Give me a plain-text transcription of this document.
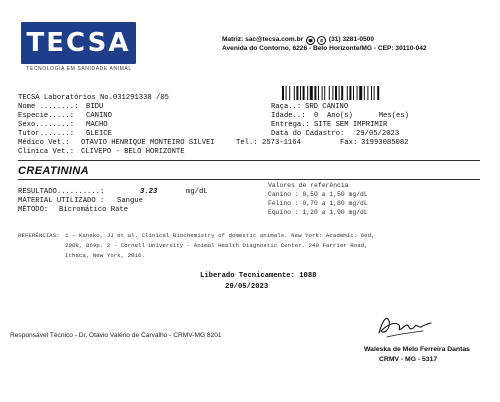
TECSA
TECNOLOGIA EM SANIDADE ANIMAL
Matriz: sac@tecsa.com.br ☎ ✆ (31) 3281-0500
Avenida do Contorno, 6226 - Belo Horizonte/MG - CEP: 30110-042
TECSA Laboratórios No.031291338 /05
Nome ........: BIDU
Especie.....: CANINO
Sexo........: MACHO
Tutor.......: GLEICE
Médico Vet.: OTAVIO HENRIQUE MONTEIRO SILVEI
Clínica Vet.: CLIVEPO - BELO HORIZONTE
Raça..: SRD CANINO
Idade..: 0  Ano(s)      Mes(es)
Entrega.: SITE SEM IMPRIMIR
Data do Cadastro: 29/05/2023
Tel.: 2573-1164	Fax: 31993085082
CREATININA
RESULTADO..........:	3.23	mg/dL
MATERIAL UTILIZADO : Sangue
MÉTODO: Bicromático Rate
Valores de referência
Canino : 0,50 a 1,50 mg/dL
Felino : 0,70 a 1,80 mg/dL
Equino : 1,20 a 1,90 mg/dL
REFERÊNCIAS: 1 - Kaneko, JJ et al. Clinical Biochemistry of domestic animals. New York: Academic. 6ed,
2008, 869p. 2 - Cornell University - Animal Health Diagnostic Center. 240 Farrier Road,
Ithaca, New York, 2016.
Liberado Tecnicamente: 1088
29/05/2023
Responsável Técnico - Dr. Otávio Valério de Carvalho - CRMV-MG 8201
Waleska de Melo Ferreira Dantas
CRMV - MG - 5317
